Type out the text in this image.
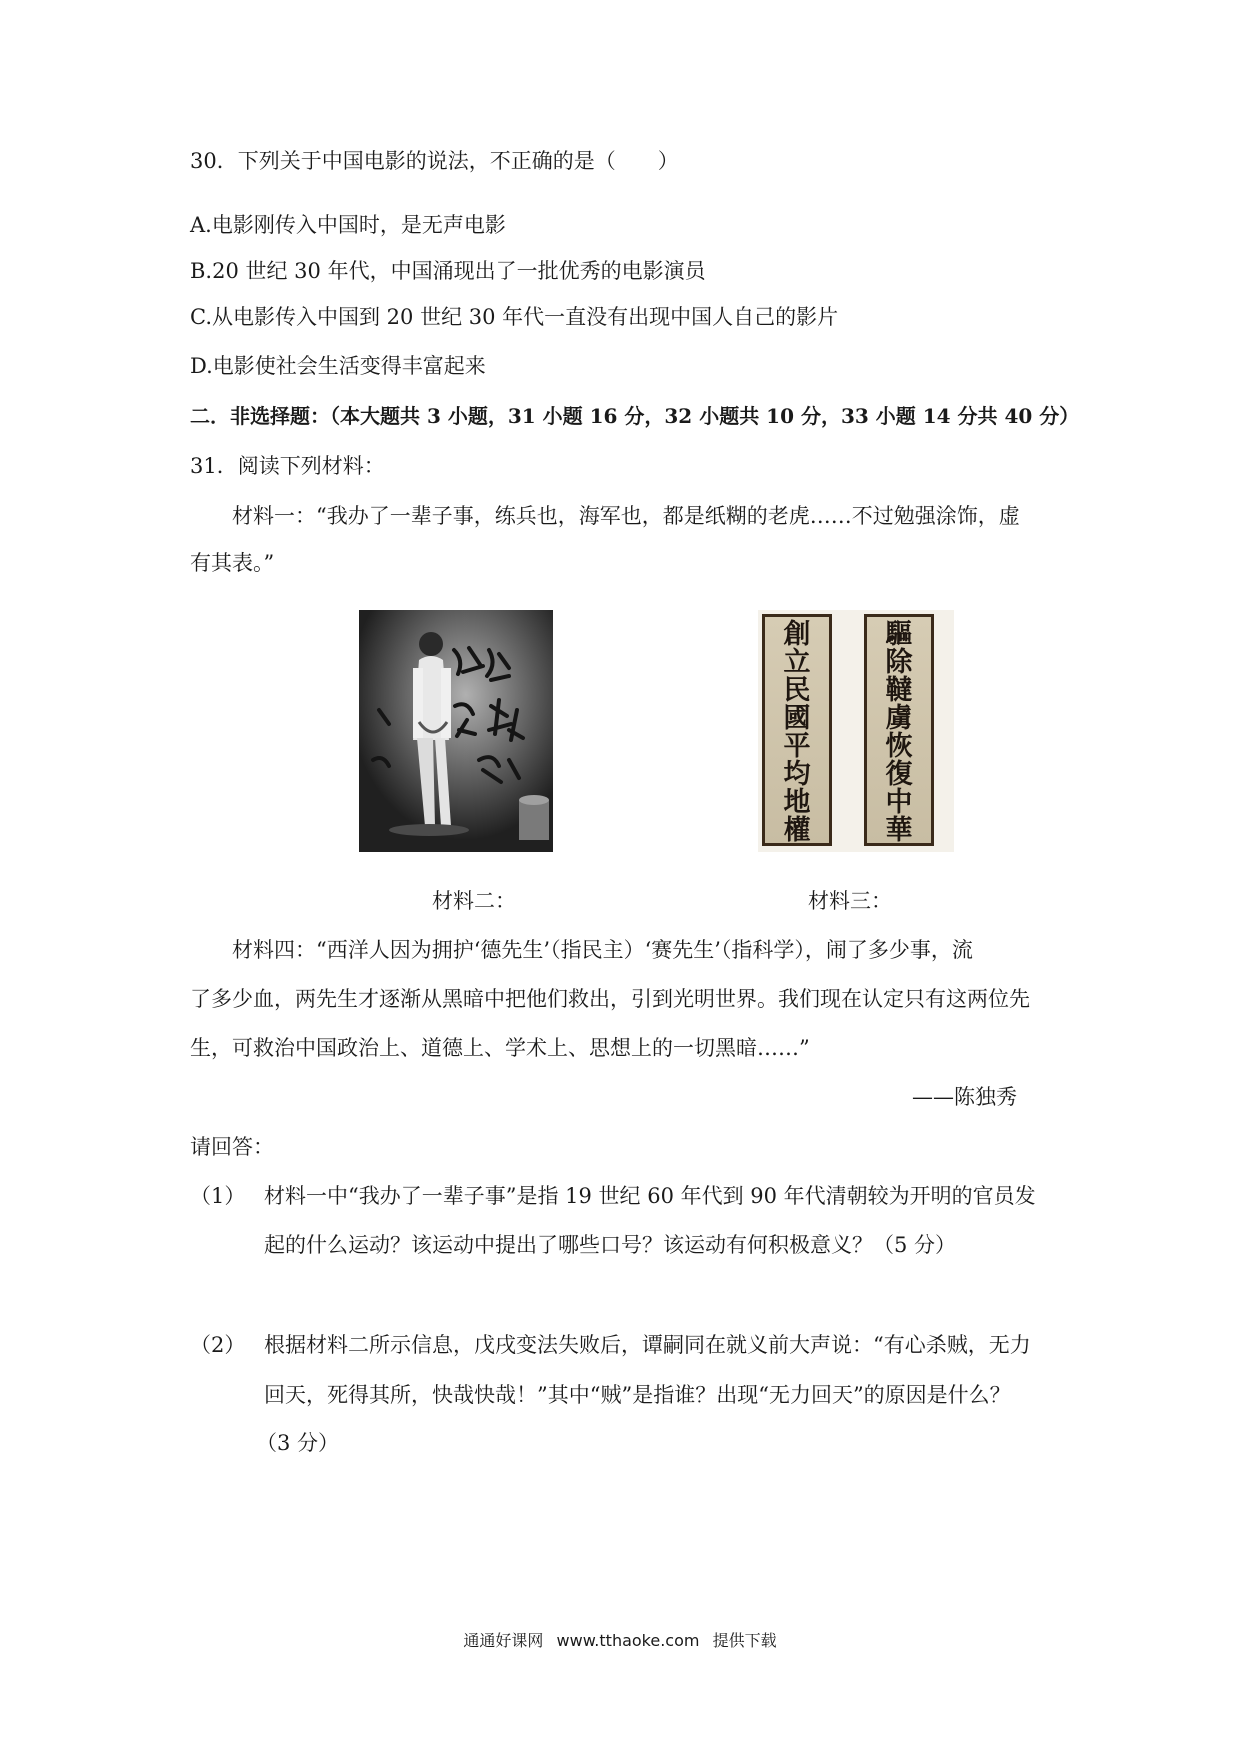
30．下列关于中国电影的说法，不正确的是（　　）
A.电影刚传入中国时，是无声电影
B.20 世纪 30 年代，中国涌现出了一批优秀的电影演员
C.从电影传入中国到 20 世纪 30 年代一直没有出现中国人自己的影片
D.电影使社会生活变得丰富起来
二．非选择题：（本大题共 3 小题，31 小题 16 分，32 小题共 10 分，33 小题 14 分共 40 分）
31．阅读下列材料：
材料一：“我办了一辈子事，练兵也，海军也，都是纸糊的老虎……不过勉强涂饰，虚
有其表。”
創
立
民
國
平
均
地
權
驅
除
韃
虜
恢
復
中
華
材料二：	材料三：
材料四：“西洋人因为拥护‘德先生’（指民主）‘赛先生’（指科学），闹了多少事，流
了多少血，两先生才逐渐从黑暗中把他们救出，引到光明世界。我们现在认定只有这两位先
生，可救治中国政治上、道德上、学术上、思想上的一切黑暗……”
——陈独秀
请回答：
（1） 材料一中“我办了一辈子事”是指 19 世纪 60 年代到 90 年代清朝较为开明的官员发
起的什么运动？该运动中提出了哪些口号？该运动有何积极意义？（5 分）
（2） 根据材料二所示信息，戊戌变法失败后，谭嗣同在就义前大声说：“有心杀贼，无力
回天，死得其所，快哉快哉！”其中“贼”是指谁？出现“无力回天”的原因是什么？
（3 分）
通通好课网 www.tthaoke.com 提供下载
